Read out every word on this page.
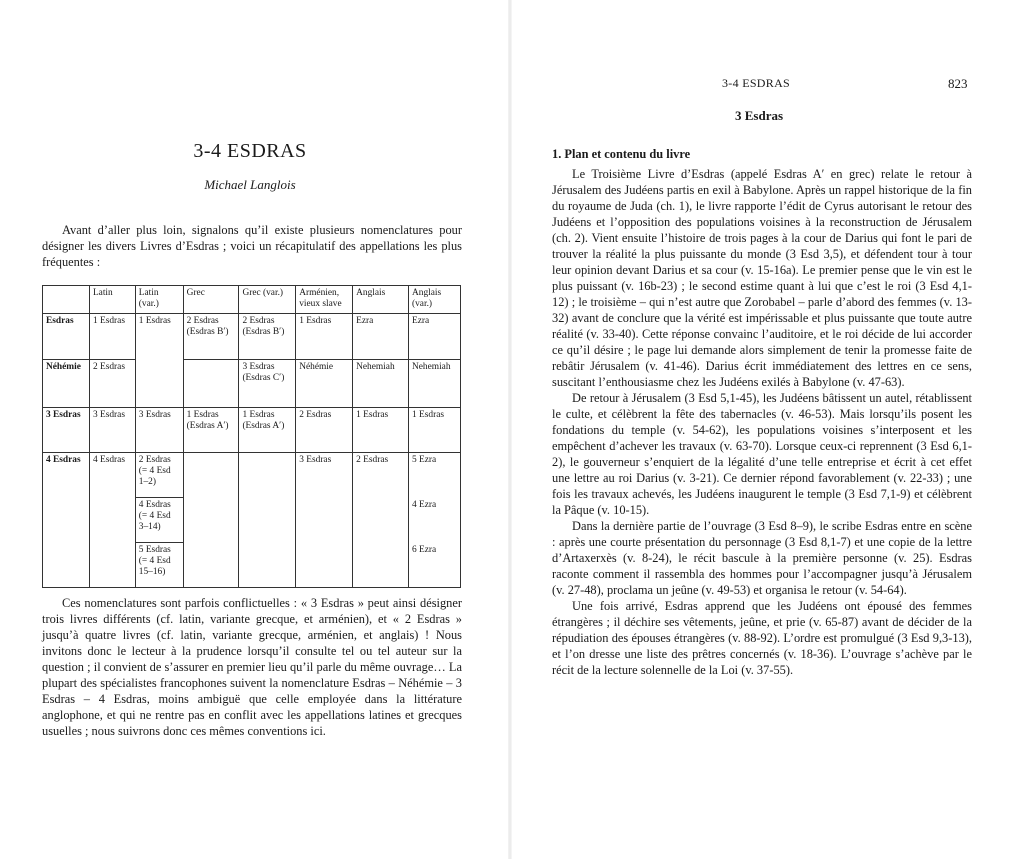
3-4 ESDRAS
Michael Langlois

Avant d’aller plus loin, signalons qu’il existe plusieurs nomenclatures pour désigner les divers Livres d’Esdras ; voici un récapitulatif des appellations les plus fréquentes :

	Latin	Latin (var.)	Grec	Grec (var.)	Arménien, vieux slave	Anglais	Anglais (var.)
Esdras	1 Esdras	1 Esdras	2 Esdras (Esdras B′)	2 Esdras (Esdras B′)	1 Esdras	Ezra	Ezra
Néhémie	2 Esdras			3 Esdras (Esdras C′)	Néhémie	Nehemiah	Nehemiah
3 Esdras	3 Esdras	3 Esdras	1 Esdras (Esdras A′)	1 Esdras (Esdras A′)	2 Esdras	1 Esdras	1 Esdras
4 Esdras	4 Esdras	2 Esdras (= 4 Esd 1–2)			3 Esdras	2 Esdras	5 Ezra
		4 Esdras (= 4 Esd 3–14)					4 Ezra
		5 Esdras (= 4 Esd 15–16)					6 Ezra

Ces nomenclatures sont parfois conflictuelles : « 3 Esdras » peut ainsi désigner trois livres différents (cf. latin, variante grecque, et arménien), et « 2 Esdras » jusqu’à quatre livres (cf. latin, variante grecque, arménien, et anglais) ! Nous invitons donc le lecteur à la prudence lorsqu’il consulte tel ou tel auteur sur la question ; il convient de s’assurer en premier lieu qu’il parle du même ouvrage… La plupart des spécialistes francophones suivent la nomenclature Esdras – Néhémie – 3 Esdras – 4 Esdras, moins ambiguë que celle employée dans la littérature anglophone, et qui ne rentre pas en conflit avec les appellations latines et grecques usuelles ; nous suivrons donc ces mêmes conventions ici.

3-4 ESDRAS	823
3 Esdras
1. Plan et contenu du livre

Le Troisième Livre d’Esdras (appelé Esdras A′ en grec) relate le retour à Jérusalem des Judéens partis en exil à Babylone. Après un rappel historique de la fin du royaume de Juda (ch. 1), le livre rapporte l’édit de Cyrus autorisant le retour des Judéens et l’opposition des populations voisines à la reconstruction de Jérusalem (ch. 2). Vient ensuite l’histoire de trois pages à la cour de Darius qui font le pari de trouver la réalité la plus puissante du monde (3 Esd 3,5), et défendent tour à tour leur opinion devant Darius et sa cour (v. 15-16a). Le premier pense que le vin est le plus puissant (v. 16b-23) ; le second estime quant à lui que c’est le roi (3 Esd 4,1-12) ; le troisième – qui n’est autre que Zorobabel – parle d’abord des femmes (v. 13-32) avant de conclure que la vérité est impérissable et plus puissante que toute autre réalité (v. 33-40). Cette réponse convainc l’auditoire, et le roi décide de lui accorder ce qu’il désire ; le page lui demande alors simplement de tenir la promesse faite de rebâtir Jérusalem (v. 41-46). Darius écrit immédiatement des lettres en ce sens, suscitant l’enthousiasme chez les Judéens exilés à Babylone (v. 47-63).

De retour à Jérusalem (3 Esd 5,1-45), les Judéens bâtissent un autel, rétablissent le culte, et célèbrent la fête des tabernacles (v. 46-53). Mais lorsqu’ils posent les fondations du temple (v. 54-62), les populations voisines s’interposent et les empêchent d’achever les travaux (v. 63-70). Lorsque ceux-ci reprennent (3 Esd 6,1-2), le gouverneur s’enquiert de la légalité d’une telle entreprise et écrit à cet effet une lettre au roi Darius (v. 3-21). Ce dernier répond favorablement (v. 22-33) ; une fois les travaux achevés, les Judéens inaugurent le temple (3 Esd 7,1-9) et célèbrent la Pâque (v. 10-15).

Dans la dernière partie de l’ouvrage (3 Esd 8–9), le scribe Esdras entre en scène : après une courte présentation du personnage (3 Esd 8,1-7) et une copie de la lettre d’Artaxerxès (v. 8-24), le récit bascule à la première personne (v. 25). Esdras raconte comment il rassembla des hommes pour l’accompagner jusqu’à Jérusalem (v. 27-48), proclama un jeûne (v. 49-53) et organisa le retour (v. 54-64).

Une fois arrivé, Esdras apprend que les Judéens ont épousé des femmes étrangères ; il déchire ses vêtements, jeûne, et prie (v. 65-87) avant de décider de la répudiation des épouses étrangères (v. 88-92). L’ordre est promulgué (3 Esd 9,3-13), et l’on dresse une liste des prêtres concernés (v. 18-36). L’ouvrage s’achève par le récit de la lecture solennelle de la Loi (v. 37-55).
